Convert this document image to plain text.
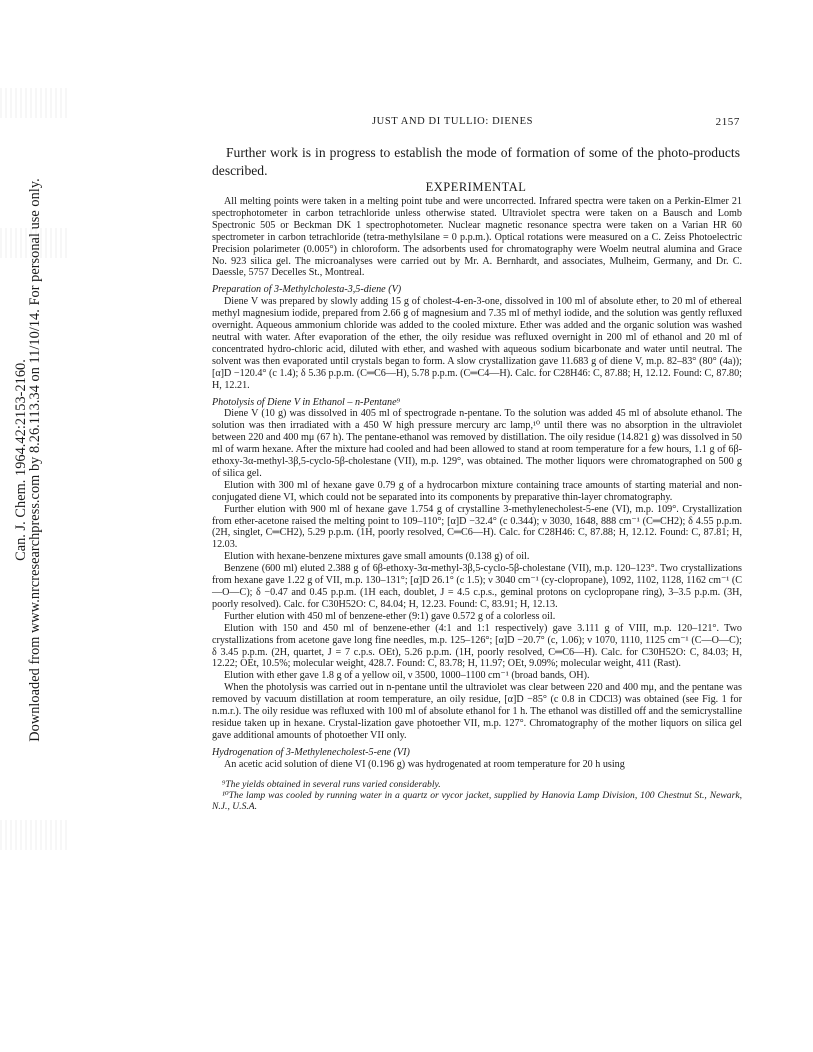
Can. J. Chem. 1964.42:2153-2160.
Downloaded from www.nrcresearchpress.com by 8.26.113.34 on 11/10/14. For personal use only.
JUST AND DI TULLIO: DIENES	2157

Further work is in progress to establish the mode of formation of some of the photo-products described.

EXPERIMENTAL

All melting points were taken in a melting point tube and were uncorrected. Infrared spectra were taken on a Perkin-Elmer 21 spectrophotometer in carbon tetrachloride unless otherwise stated. Ultraviolet spectra were taken on a Bausch and Lomb Spectronic 505 or Beckman DK 1 spectrophotometer. Nuclear magnetic resonance spectra were taken on a Varian HR 60 spectrometer in carbon tetrachloride (tetra-methylsilane = 0 p.p.m.). Optical rotations were measured on a C. Zeiss Photoelectric Precision polarimeter (0.005°) in chloroform. The adsorbents used for chromatography were Woelm neutral alumina and Grace No. 923 silica gel. The microanalyses were carried out by Mr. A. Bernhardt, and associates, Mulheim, Germany, and Dr. C. Daessle, 5757 Decelles St., Montreal.

Preparation of 3-Methylcholesta-3,5-diene (V)

Diene V was prepared by slowly adding 15 g of cholest-4-en-3-one, dissolved in 100 ml of absolute ether, to 20 ml of ethereal methyl magnesium iodide, prepared from 2.66 g of magnesium and 7.35 ml of methyl iodide, and the solution was gently refluxed overnight. Aqueous ammonium chloride was added to the cooled mixture. Ether was added and the organic solution was washed neutral with water. After evaporation of the ether, the oily residue was refluxed overnight in 200 ml of ethanol and 20 ml of concentrated hydro-chloric acid, diluted with ether, and washed with aqueous sodium bicarbonate and water until neutral. The solvent was then evaporated until crystals began to form. A slow crystallization gave 11.683 g of diene V, m.p. 82–83° (80° (4a)); [α]D −120.4° (c 1.4); δ 5.36 p.p.m. (C═C6—H), 5.78 p.p.m. (C═C4—H). Calc. for C28H46: C, 87.88; H, 12.12. Found: C, 87.80; H, 12.21.

Photolysis of Diene V in Ethanol – n-Pentane⁹

Diene V (10 g) was dissolved in 405 ml of spectrograde n-pentane. To the solution was added 45 ml of absolute ethanol. The solution was then irradiated with a 450 W high pressure mercury arc lamp,¹⁰ until there was no absorption in the ultraviolet between 220 and 400 mμ (67 h). The pentane-ethanol was removed by distillation. The oily residue (14.821 g) was dissolved in 50 ml of warm hexane. After the mixture had cooled and had been allowed to stand at room temperature for a few hours, 1.1 g of 6β-ethoxy-3α-methyl-3β,5-cyclo-5β-cholestane (VII), m.p. 129°, was obtained. The mother liquors were chromatographed on 500 g of silica gel.

Elution with 300 ml of hexane gave 0.79 g of a hydrocarbon mixture containing trace amounts of starting material and non-conjugated diene VI, which could not be separated into its components by preparative thin-layer chromatography.

Further elution with 900 ml of hexane gave 1.754 g of crystalline 3-methylenecholest-5-ene (VI), m.p. 109°. Crystallization from ether-acetone raised the melting point to 109–110°; [α]D −32.4° (c 0.344); ν 3030, 1648, 888 cm⁻¹ (C═CH2); δ 4.55 p.p.m. (2H, singlet, C═CH2), 5.29 p.p.m. (1H, poorly resolved, C═C6—H). Calc. for C28H46: C, 87.88; H, 12.12. Found: C, 87.81; H, 12.03.

Elution with hexane-benzene mixtures gave small amounts (0.138 g) of oil.

Benzene (600 ml) eluted 2.388 g of 6β-ethoxy-3α-methyl-3β,5-cyclo-5β-cholestane (VII), m.p. 120–123°. Two crystallizations from hexane gave 1.22 g of VII, m.p. 130–131°; [α]D 26.1° (c 1.5); ν 3040 cm⁻¹ (cy-clopropane), 1092, 1102, 1128, 1162 cm⁻¹ (C—O—C); δ −0.47 and 0.45 p.p.m. (1H each, doublet, J = 4.5 c.p.s., geminal protons on cyclopropane ring), 3–3.5 p.p.m. (3H, poorly resolved). Calc. for C30H52O: C, 84.04; H, 12.23. Found: C, 83.91; H, 12.13.

Further elution with 450 ml of benzene-ether (9:1) gave 0.572 g of a colorless oil.

Elution with 150 and 450 ml of benzene-ether (4:1 and 1:1 respectively) gave 3.111 g of VIII, m.p. 120–121°. Two crystallizations from acetone gave long fine needles, m.p. 125–126°; [α]D −20.7° (c, 1.06); ν 1070, 1110, 1125 cm⁻¹ (C—O—C); δ 3.45 p.p.m. (2H, quartet, J = 7 c.p.s. OEt), 5.26 p.p.m. (1H, poorly resolved, C═C6—H). Calc. for C30H52O: C, 84.03; H, 12.22; OEt, 10.5%; molecular weight, 428.7. Found: C, 83.78; H, 11.97; OEt, 9.09%; molecular weight, 411 (Rast).

Elution with ether gave 1.8 g of a yellow oil, ν 3500, 1000–1100 cm⁻¹ (broad bands, OH).

When the photolysis was carried out in n-pentane until the ultraviolet was clear between 220 and 400 mμ, and the pentane was removed by vacuum distillation at room temperature, an oily residue, [α]D −85° (c 0.8 in CDCl3) was obtained (see Fig. 1 for n.m.r.). The oily residue was refluxed with 100 ml of absolute ethanol for 1 h. The ethanol was distilled off and the semicrystalline residue taken up in hexane. Crystal-lization gave photoether VII, m.p. 127°. Chromatography of the mother liquors on silica gel gave additional amounts of photoether VII only.

Hydrogenation of 3-Methylenecholest-5-ene (VI)

An acetic acid solution of diene VI (0.196 g) was hydrogenated at room temperature for 20 h using

⁹The yields obtained in several runs varied considerably.

¹⁰The lamp was cooled by running water in a quartz or vycor jacket, supplied by Hanovia Lamp Division, 100 Chestnut St., Newark, N.J., U.S.A.
